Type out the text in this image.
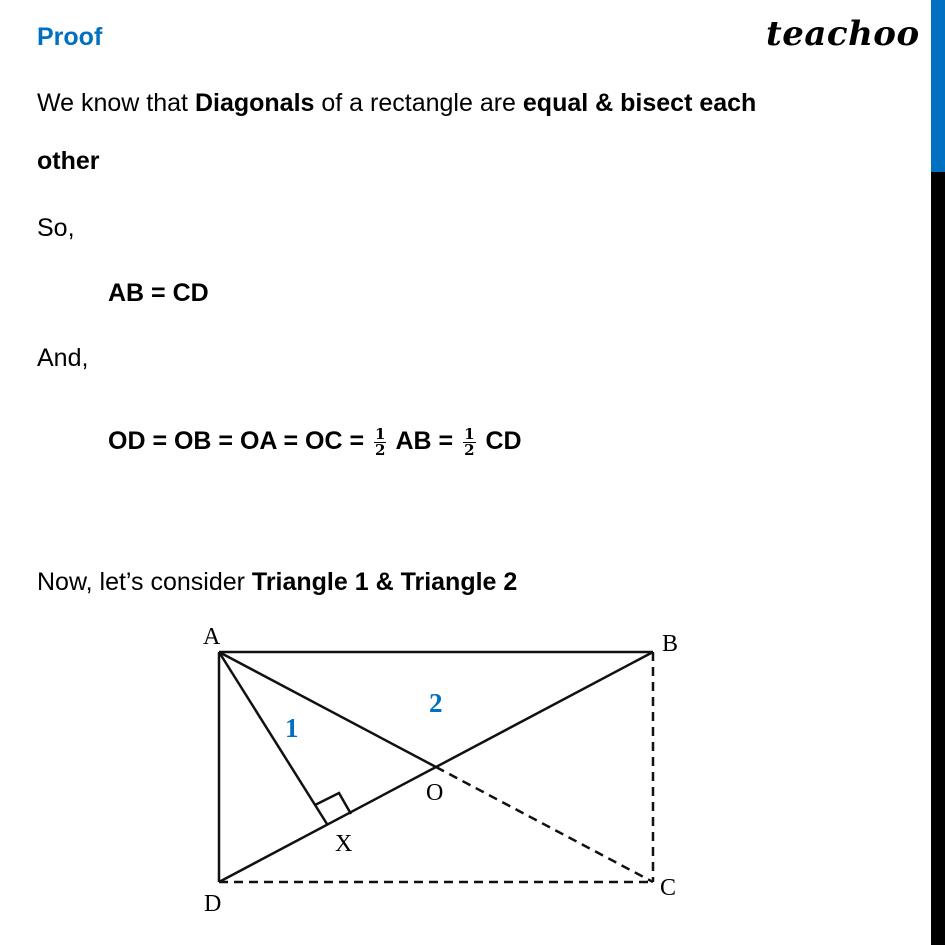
Proof	teachoo
We know that Diagonals of a rectangle are equal & bisect each
other
So,
AB = CD
And,
OD = OB = OA = OC = $\frac{1}{2}$ AB = $\frac{1}{2}$ CD
Now, let’s consider Triangle 1 & Triangle 2
A	B
C
D
O
X
1
2
